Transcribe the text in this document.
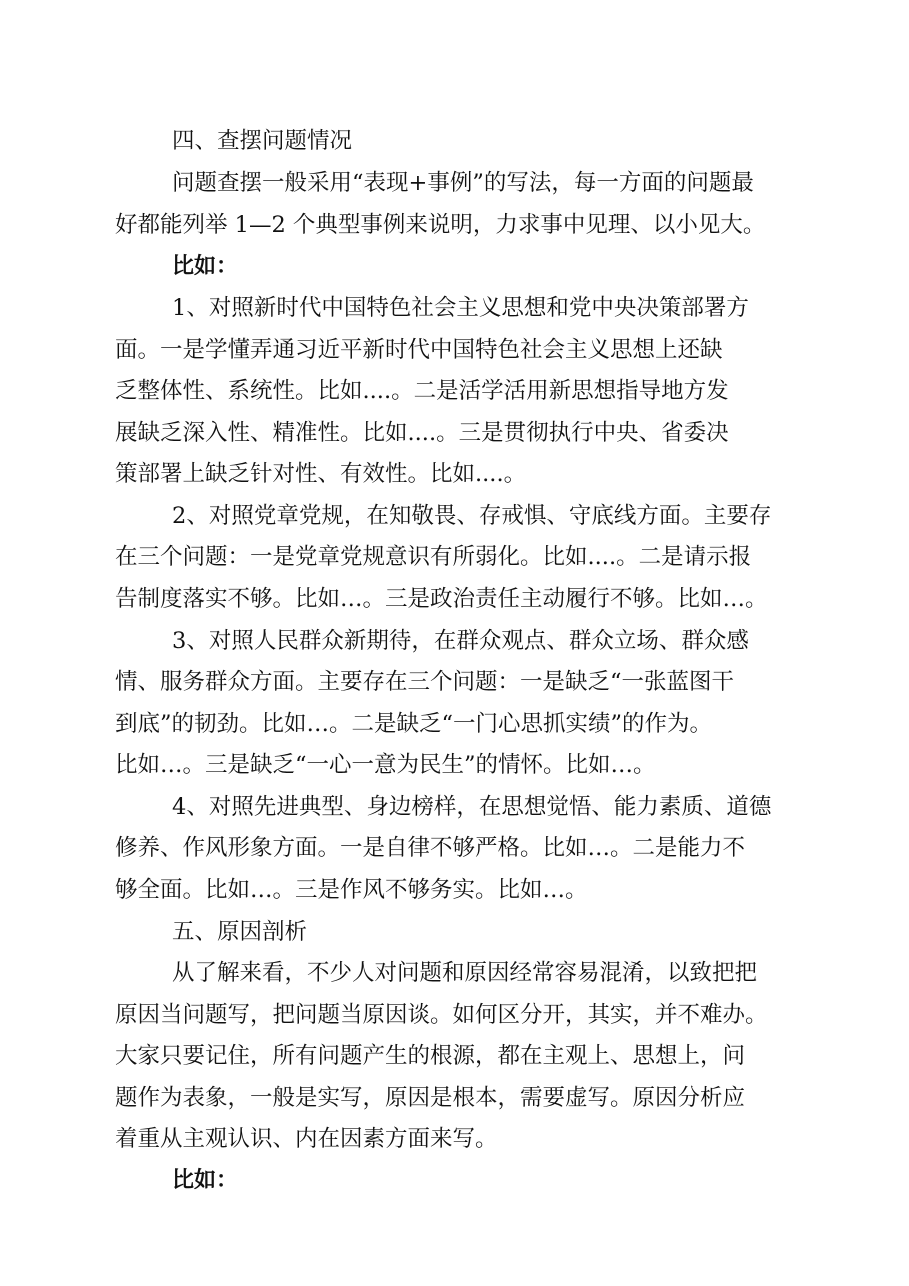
四、查摆问题情况
问题查摆一般采用“表现+事例”的写法，每一方面的问题最
好都能列举 1—2 个典型事例来说明，力求事中见理、以小见大。
比如：
1、对照新时代中国特色社会主义思想和党中央决策部署方
面。一是学懂弄通习近平新时代中国特色社会主义思想上还缺
乏整体性、系统性。比如....。二是活学活用新思想指导地方发
展缺乏深入性、精准性。比如....。三是贯彻执行中央、省委决
策部署上缺乏针对性、有效性。比如....。
2、对照党章党规，在知敬畏、存戒惧、守底线方面。主要存
在三个问题：一是党章党规意识有所弱化。比如....。二是请示报
告制度落实不够。比如…。三是政治责任主动履行不够。比如…。
3、对照人民群众新期待，在群众观点、群众立场、群众感
情、服务群众方面。主要存在三个问题：一是缺乏“一张蓝图干
到底”的韧劲。比如…。二是缺乏“一门心思抓实绩”的作为。
比如…。三是缺乏“一心一意为民生”的情怀。比如…。
4、对照先进典型、身边榜样，在思想觉悟、能力素质、道德
修养、作风形象方面。一是自律不够严格。比如…。二是能力不
够全面。比如…。三是作风不够务实。比如…。
五、原因剖析
从了解来看，不少人对问题和原因经常容易混淆，以致把把
原因当问题写，把问题当原因谈。如何区分开，其实，并不难办。
大家只要记住，所有问题产生的根源，都在主观上、思想上，问
题作为表象，一般是实写，原因是根本，需要虚写。原因分析应
着重从主观认识、内在因素方面来写。
比如：
